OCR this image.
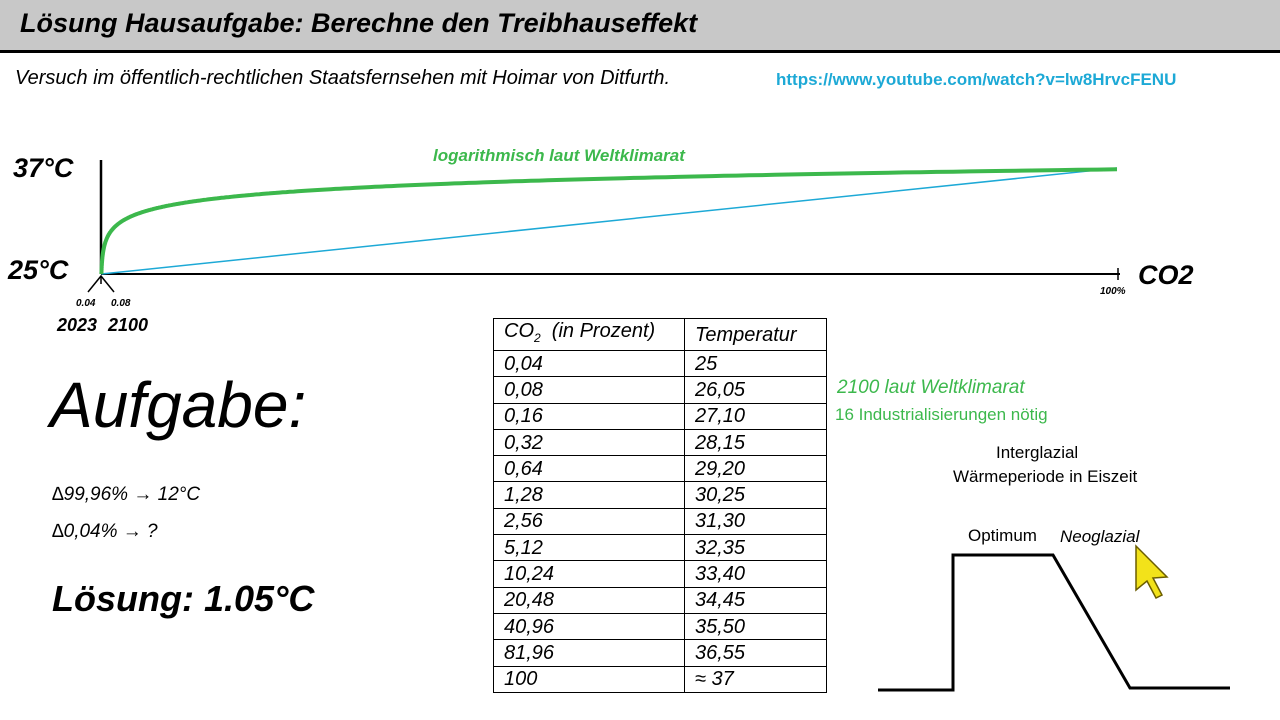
Lösung Hausaufgabe: Berechne den Treibhauseffekt
Versuch im öffentlich-rechtlichen Staatsfernsehen mit Hoimar von Ditfurth.	https://www.youtube.com/watch?v=lw8HrvcFENU
37°C
25°C	CO2
100%
0.04 0.08
2023 2100
logarithmisch laut Weltklimarat
Aufgabe:
∆99,96% → 12°C
∆0,04% → ?
Lösung: 1.05°C
$CO_2$  (in Prozent)	Temperatur
0,04	25
0,08	26,05
0,16	27,10
0,32	28,15
0,64	29,20
1,28	30,25
2,56	31,30
5,12	32,35
10,24	33,40
20,48	34,45
40,96	35,50
81,96	36,55
100	≈ 37
2100 laut Weltklimarat
16 Industrialisierungen nötig
Interglazial
Wärmeperiode in Eiszeit
Optimum Neoglazial
